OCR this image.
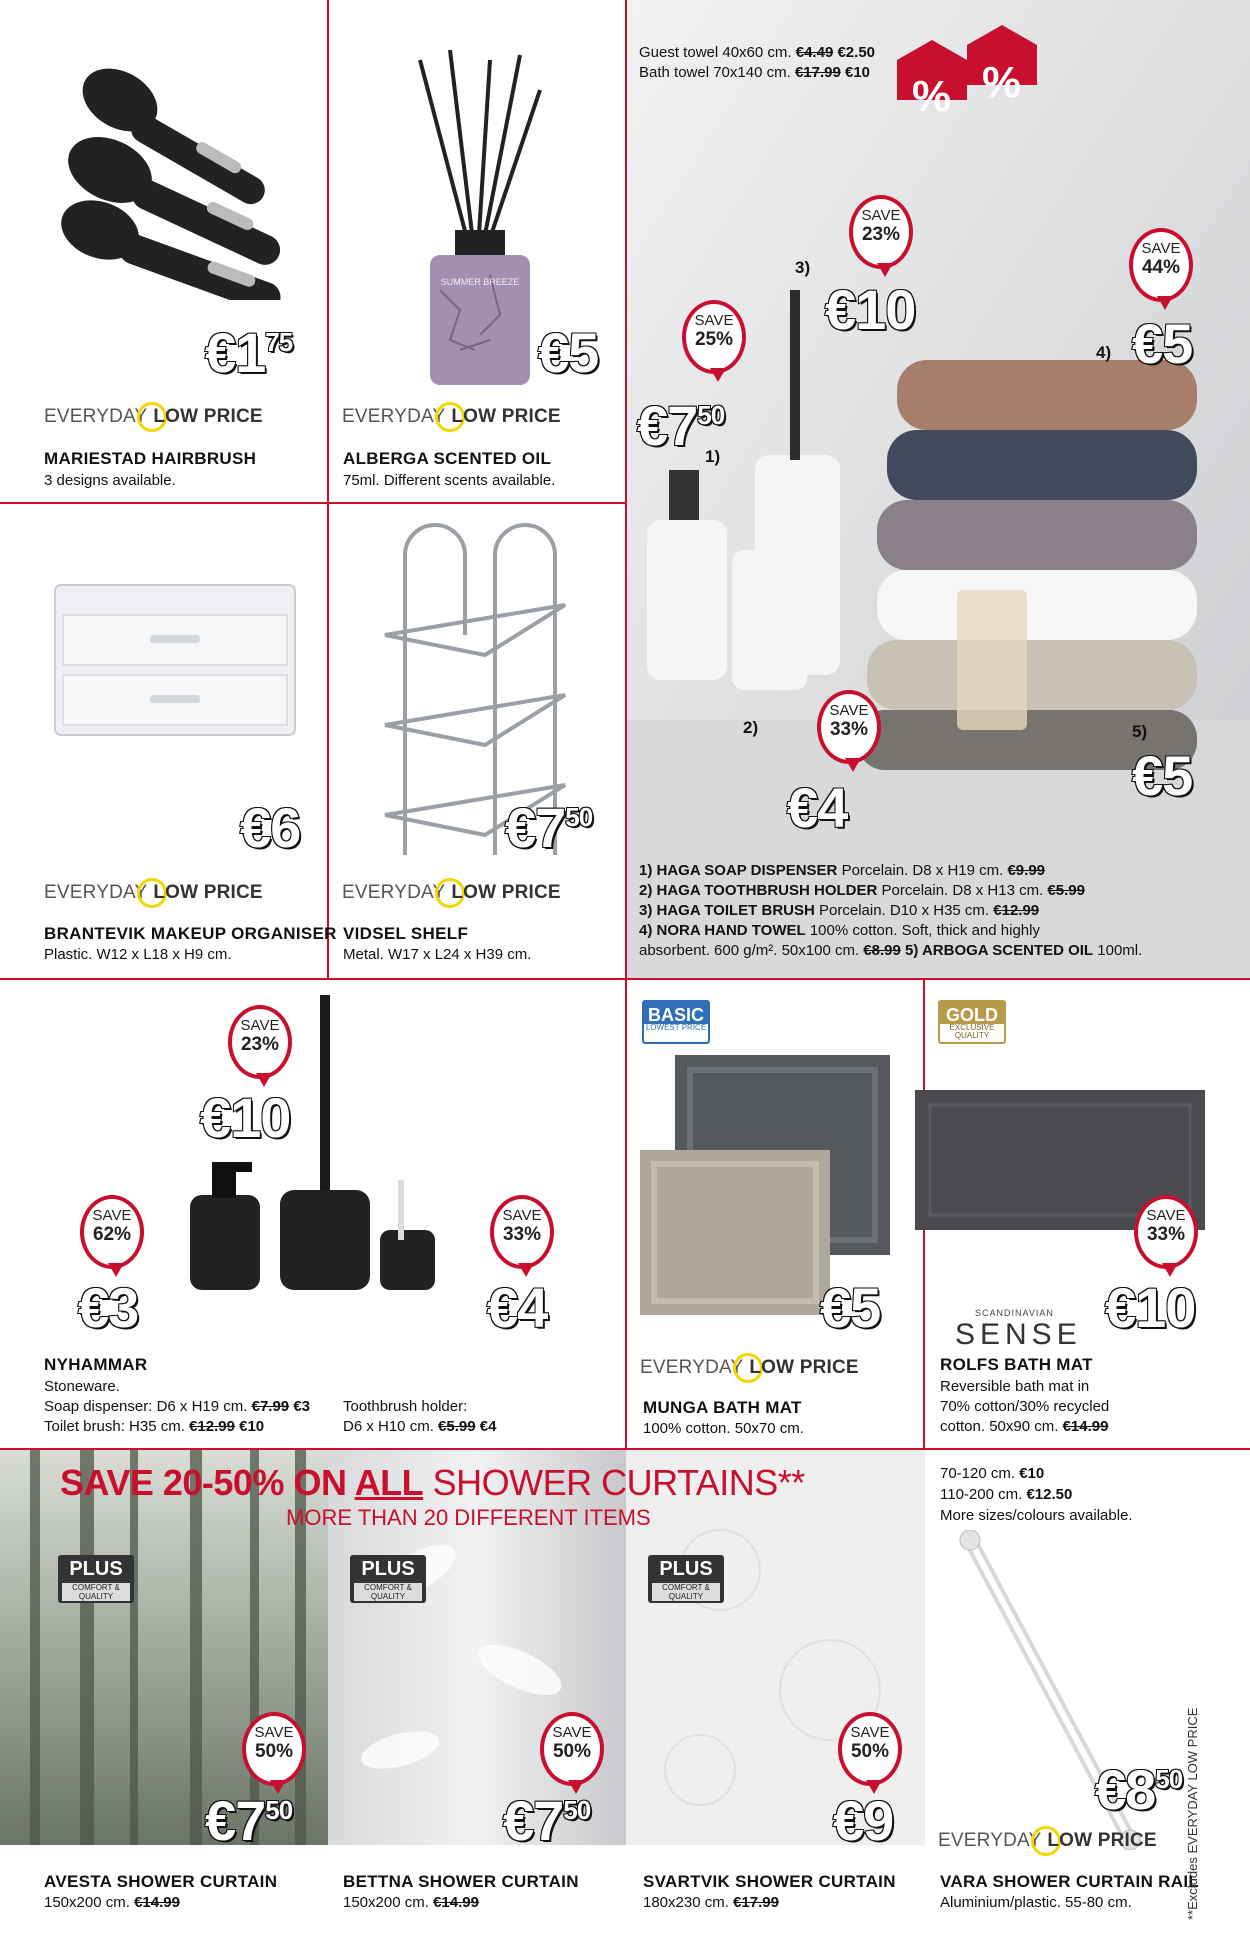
€175
EVERYDAY LOW PRICE
MARIESTAD HAIRBRUSH
3 designs available.
SUMMER BREEZE
€5
EVERYDAY LOW PRICE
ALBERGA SCENTED OIL
75ml. Different scents available.
€6
EVERYDAY LOW PRICE
BRANTEVIK MAKEUP ORGANISER
Plastic. W12 x L18 x H9 cm.
€750
EVERYDAY LOW PRICE
VIDSEL SHELF
Metal. W17 x L24 x H39 cm.
% %
Guest towel 40x60 cm. €4.49 €2.50
Bath towel 70x140 cm. €17.99 €10
SAVE
25%
SAVE
23%
SAVE
44%
SAVE
33%
3)
1)
4)
2)	5)
€750
€10
€5
€4
€5
1) HAGA SOAP DISPENSER Porcelain. D8 x H19 cm. €9.99
2) HAGA TOOTHBRUSH HOLDER Porcelain. D8 x H13 cm. €5.99
3) HAGA TOILET BRUSH Porcelain. D10 x H35 cm. €12.99
4) NORA HAND TOWEL 100% cotton. Soft, thick and highly
absorbent. 600 g/m². 50x100 cm. €8.99 5) ARBOGA SCENTED OIL 100ml.
SAVE
23%
SAVE
62%
SAVE
33%
€10
€3	€4
NYHAMMAR
Stoneware.
Soap dispenser: D6 x H19 cm. €7.99 €3
Toilet brush: H35 cm. €12.99 €10
Toothbrush holder:
D6 x H10 cm. €5.99 €4
BASIC
LOWEST PRICE
€5
EVERYDAY LOW PRICE
MUNGA BATH MAT
100% cotton. 50x70 cm.
GOLD
EXCLUSIVE QUALITY
SAVE
33%
€10
SCANDINAVIAN
SENSE
ROLFS BATH MAT
Reversible bath mat in
70% cotton/30% recycled
cotton. 50x90 cm. €14.99
SAVE 20-50% ON ALL SHOWER CURTAINS**
MORE THAN 20 DIFFERENT ITEMS
PLUS
COMFORT & QUALITY
PLUS
COMFORT & QUALITY
PLUS
COMFORT & QUALITY
SAVE
50%
SAVE
50%
SAVE
50%
€750	€750	€9
AVESTA SHOWER CURTAIN
150x200 cm. €14.99
BETTNA SHOWER CURTAIN
150x200 cm. €14.99
SVARTVIK SHOWER CURTAIN
180x230 cm. €17.99
70-120 cm. €10
110-200 cm. €12.50
More sizes/colours available.
€850
EVERYDAY LOW PRICE
VARA SHOWER CURTAIN RAIL
Aluminium/plastic. 55-80 cm.	**Excludes EVERYDAY LOW PRICE
